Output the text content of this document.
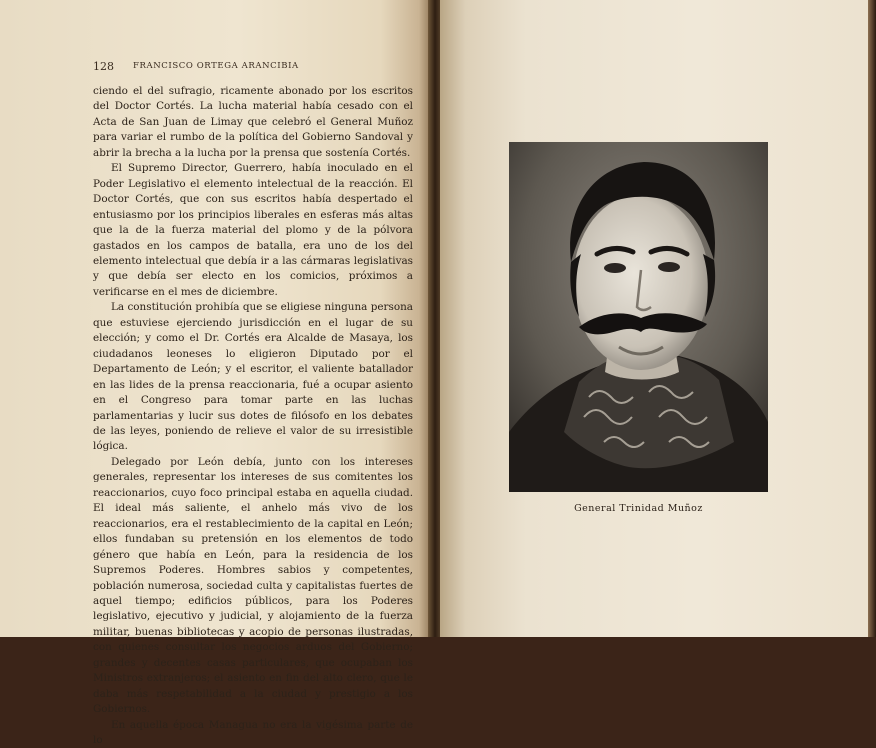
128 FRANCISCO ORTEGA ARANCIBIA
ciendo el del sufragio, ricamente abonado por los escritos del Doctor Cortés. La lucha material había cesado con el Acta de San Juan de Limay que celebró el General Muñoz para variar el rumbo de la política del Gobierno Sandoval y abrir la brecha a la lucha por la prensa que sostenía Cortés.
El Supremo Director, Guerrero, había inoculado en el Poder Legislativo el elemento intelectual de la reacción. El Doctor Cortés, que con sus escritos había despertado el entusiasmo por los principios liberales en esferas más altas que la de la fuerza material del plomo y de la pólvora gastados en los campos de batalla, era uno de los del elemento intelectual que debía ir a las cármaras legislativas y que debía ser electo en los comicios, próximos a verificarse en el mes de diciembre.
La constitución prohibía que se eligiese ninguna persona que estuviese ejerciendo jurisdicción en el lugar de su elección; y como el Dr. Cortés era Alcalde de Masaya, los ciudadanos leoneses lo eligieron Diputado por el Departamento de León; y el escritor, el valiente batallador en las lides de la prensa reaccionaria, fué a ocupar asiento en el Congreso para tomar parte en las luchas parlamentarias y lucir sus dotes de filósofo en los debates de las leyes, poniendo de relieve el valor de su irresistible lógica.
Delegado por León debía, junto con los intereses generales, representar los intereses de sus comitentes los reaccionarios, cuyo foco principal estaba en aquella ciudad. El ideal más saliente, el anhelo más vivo de los reaccionarios, era el restablecimiento de la capital en León; ellos fundaban su pretensión en los elementos de todo género que había en León, para la residencia de los Supremos Poderes. Hombres sabios y competentes, población numerosa, sociedad culta y capitalistas fuertes de aquel tiempo; edificios públicos, para los Poderes legislativo, ejecutivo y judicial, y alojamiento de la fuerza militar, buenas bibliotecas y acopio de personas ilustradas, con quienes consultar los negocios arduos del Gobierno; grandes y decentes casas particulares, que ocupaban los Ministros extranjeros; el asiento en fin del alto clero, que le daba más respetabilidad a la ciudad y prestigio a los Gobiernos.
En aquella época Managua no era la vigésima parte de lo
General Trinidad Muñoz
